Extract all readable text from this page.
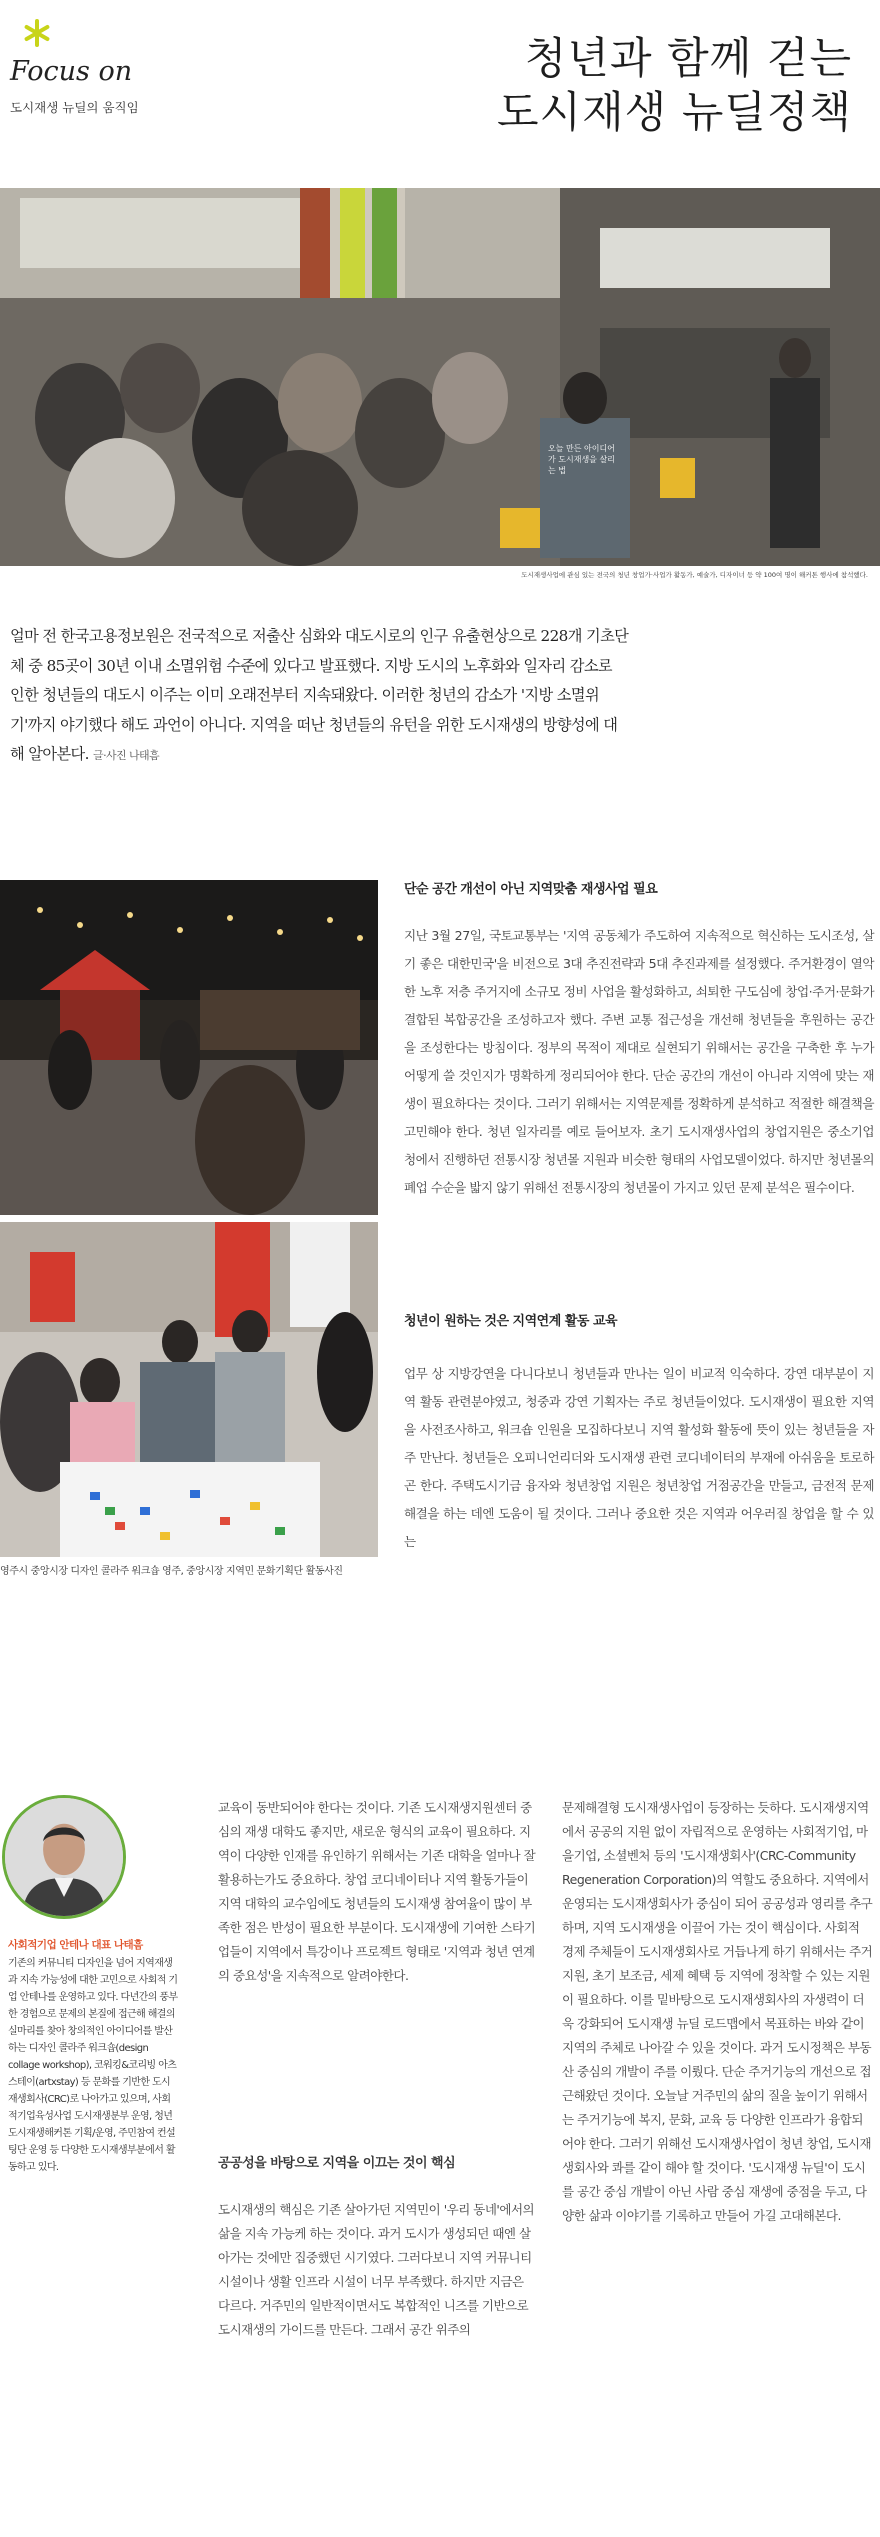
Focus on
도시재생 뉴딜의 움직임
청년과 함께 걷는
도시재생 뉴딜정책
오늘 만든 아이디어가 도시재생을 살리는 법
도시재생사업에 관심 있는 전국의 청년 창업가·사업가 활동가, 예술가, 디자이너 등 약 100여 명이 해커톤 행사에 참석했다.
얼마 전 한국고용정보원은 전국적으로 저출산 심화와 대도시로의 인구 유출현상으로 228개 기초단체 중 85곳이 30년 이내 소멸위험 수준에 있다고 발표했다. 지방 도시의 노후화와 일자리 감소로 인한 청년들의 대도시 이주는 이미 오래전부터 지속돼왔다. 이러한 청년의 감소가 '지방 소멸위기'까지 야기했다 해도 과언이 아니다. 지역을 떠난 청년들의 유턴을 위한 도시재생의 방향성에 대해 알아본다. 글·사진 나태흠
영주시 중앙시장 디자인 콜라주 워크숍 영주, 중앙시장 지역민 문화기획단 활동사진
단순 공간 개선이 아닌 지역맞춤 재생사업 필요
지난 3월 27일, 국토교통부는 '지역 공동체가 주도하여 지속적으로 혁신하는 도시조성, 살기 좋은 대한민국'을 비전으로 3대 추진전략과 5대 추진과제를 설정했다. 주거환경이 열악한 노후 저층 주거지에 소규모 정비 사업을 활성화하고, 쇠퇴한 구도심에 창업·주거·문화가 결합된 복합공간을 조성하고자 했다. 주변 교통 접근성을 개선해 청년들을 후원하는 공간을 조성한다는 방침이다. 정부의 목적이 제대로 실현되기 위해서는 공간을 구축한 후 누가 어떻게 쓸 것인지가 명확하게 정리되어야 한다. 단순 공간의 개선이 아니라 지역에 맞는 재생이 필요하다는 것이다. 그러기 위해서는 지역문제를 정확하게 분석하고 적절한 해결책을 고민해야 한다. 청년 일자리를 예로 들어보자. 초기 도시재생사업의 창업지원은 중소기업청에서 진행하던 전통시장 청년몰 지원과 비슷한 형태의 사업모델이었다. 하지만 청년몰의 폐업 수순을 밟지 않기 위해선 전통시장의 청년몰이 가지고 있던 문제 분석은 필수이다.
청년이 원하는 것은 지역연계 활동 교육
업무 상 지방강연을 다니다보니 청년들과 만나는 일이 비교적 익숙하다. 강연 대부분이 지역 활동 관련분야였고, 청중과 강연 기획자는 주로 청년들이었다. 도시재생이 필요한 지역을 사전조사하고, 워크숍 인원을 모집하다보니 지역 활성화 활동에 뜻이 있는 청년들을 자주 만난다. 청년들은 오피니언리더와 도시재생 관련 코디네이터의 부재에 아쉬움을 토로하곤 한다. 주택도시기금 융자와 청년창업 지원은 청년창업 거점공간을 만들고, 금전적 문제 해결을 하는 데엔 도움이 될 것이다. 그러나 중요한 것은 지역과 어우러질 창업을 할 수 있는
사회적기업 안테나 대표 나태흠
기존의 커뮤니티 디자인을 넘어 지역재생과 지속 가능성에 대한 고민으로 사회적 기업 안테나를 운영하고 있다. 다년간의 풍부한 경험으로 문제의 본질에 접근해 해결의 실마리를 찾아 창의적인 아이디어를 발산하는 디자인 콜라주 워크숍(design collage workshop), 코워킹&코리빙 아츠스테이(artxstay) 등 문화를 기반한 도시재생회사(CRC)로 나아가고 있으며, 사회적기업육성사업 도시재생분부 운영, 청년도시재생해커톤 기획/운영, 주민참여 컨설팅단 운영 등 다양한 도시재생부분에서 활동하고 있다.
교육이 동반되어야 한다는 것이다. 기존 도시재생지원센터 중심의 재생 대학도 좋지만, 새로운 형식의 교육이 필요하다. 지역이 다양한 인재를 유인하기 위해서는 기존 대학을 얼마나 잘 활용하는가도 중요하다. 창업 코디네이터나 지역 활동가들이 지역 대학의 교수임에도 청년들의 도시재생 참여율이 많이 부족한 점은 반성이 필요한 부분이다. 도시재생에 기여한 스타기업들이 지역에서 특강이나 프로젝트 형태로 '지역과 청년 연계의 중요성'을 지속적으로 알려야한다.
공공성을 바탕으로 지역을 이끄는 것이 핵심
도시재생의 핵심은 기존 살아가던 지역민이 '우리 동네'에서의 삶을 지속 가능케 하는 것이다. 과거 도시가 생성되던 때엔 살아가는 것에만 집중했던 시기였다. 그러다보니 지역 커뮤니티 시설이나 생활 인프라 시설이 너무 부족했다. 하지만 지금은 다르다. 거주민의 일반적이면서도 복합적인 니즈를 기반으로 도시재생의 가이드를 만든다. 그래서 공간 위주의
문제해결형 도시재생사업이 등장하는 듯하다. 도시재생지역에서 공공의 지원 없이 자립적으로 운영하는 사회적기업, 마을기업, 소셜벤처 등의 '도시재생회사'(CRC-Community Regeneration Corporation)의 역할도 중요하다. 지역에서 운영되는 도시재생회사가 중심이 되어 공공성과 영리를 추구하며, 지역 도시재생을 이끌어 가는 것이 핵심이다. 사회적 경제 주체들이 도시재생회사로 거듭나게 하기 위해서는 주거 지원, 초기 보조금, 세제 혜택 등 지역에 정착할 수 있는 지원이 필요하다. 이를 밑바탕으로 도시재생회사의 자생력이 더욱 강화되어 도시재생 뉴딜 로드맵에서 목표하는 바와 같이 지역의 주체로 나아갈 수 있을 것이다. 과거 도시정책은 부동산 중심의 개발이 주를 이뤘다. 단순 주거기능의 개선으로 접근해왔던 것이다. 오늘날 거주민의 삶의 질을 높이기 위해서는 주거기능에 복지, 문화, 교육 등 다양한 인프라가 융합되어야 한다. 그러기 위해선 도시재생사업이 청년 창업, 도시재생회사와 콰를 같이 해야 할 것이다. '도시재생 뉴딜'이 도시를 공간 중심 개발이 아닌 사람 중심 재생에 중점을 두고, 다양한 삶과 이야기를 기록하고 만들어 가길 고대해본다.
